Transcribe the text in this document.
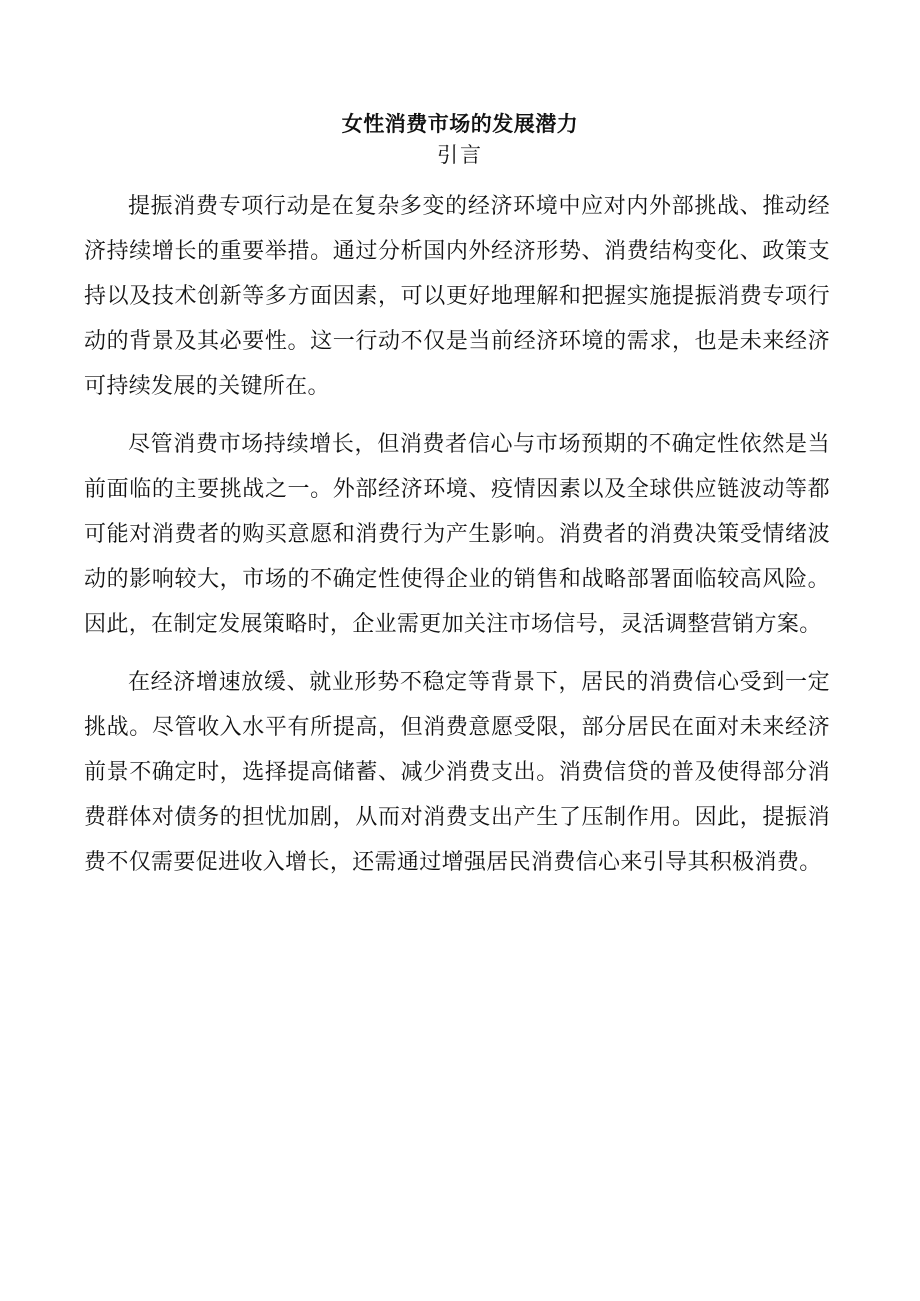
女性消费市场的发展潜力
引言

提振消费专项行动是在复杂多变的经济环境中应对内外部挑战、推动经济持续增长的重要举措。通过分析国内外经济形势、消费结构变化、政策支持以及技术创新等多方面因素，可以更好地理解和把握实施提振消费专项行动的背景及其必要性。这一行动不仅是当前经济环境的需求，也是未来经济可持续发展的关键所在。

尽管消费市场持续增长，但消费者信心与市场预期的不确定性依然是当前面临的主要挑战之一。外部经济环境、疫情因素以及全球供应链波动等都可能对消费者的购买意愿和消费行为产生影响。消费者的消费决策受情绪波动的影响较大，市场的不确定性使得企业的销售和战略部署面临较高风险。因此，在制定发展策略时，企业需更加关注市场信号，灵活调整营销方案。

在经济增速放缓、就业形势不稳定等背景下，居民的消费信心受到一定挑战。尽管收入水平有所提高，但消费意愿受限，部分居民在面对未来经济前景不确定时，选择提高储蓄、减少消费支出。消费信贷的普及使得部分消费群体对债务的担忧加剧，从而对消费支出产生了压制作用。因此，提振消费不仅需要促进收入增长，还需通过增强居民消费信心来引导其积极消费。
